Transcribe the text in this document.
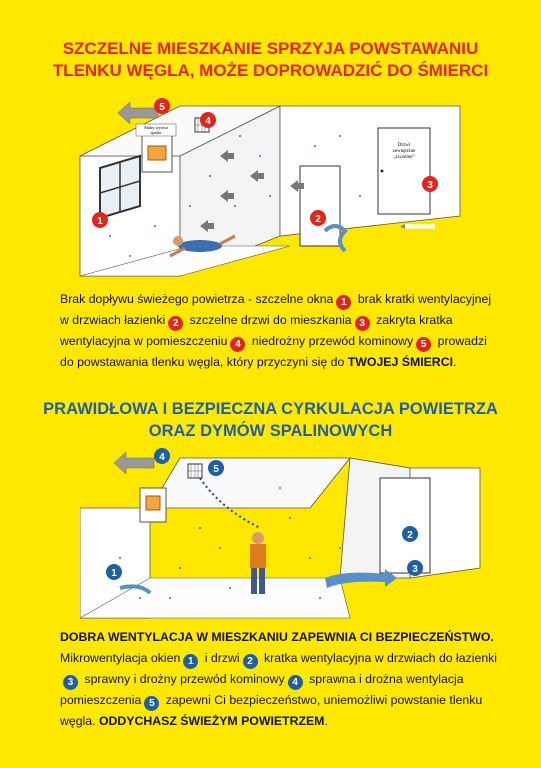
SZCZELNE MIESZKANIE SPRZYJA POWSTAWANIU
TLENKU WĘGLA, MOŻE DOPROWADZIĆ DO ŚMIERCI
Słaby wyrzut
spalin
Drzwi
zewnętrzne
„szczelne”
1	2
3
4
5
Brak dopływu świeżego powietrza - szczelne okna 1 brak kratki wentylacyjnej w drzwiach łazienki 2 szczelne drzwi do mieszkania 3 zakryta kratka wentylacyjna w pomieszczeniu 4 niedrożny przewód kominowy 5 prowadzi do powstawania tlenku węgla, który przyczyni się do TWOJEJ ŚMIERCI.
PRAWIDŁOWA I BEZPIECZNA CYRKULACJA POWIETRZA
ORAZ DYMÓW SPALINOWYCH
1
2
3
4
5
DOBRA WENTYLACJA W MIESZKANIU ZAPEWNIA CI BEZPIECZEŃSTWO.
Mikrowentylacja okien 1 i drzwi 2 kratka wentylacyjna w drzwiach do łazienki3 sprawny i drożny przewód kominowy 4 sprawna i drożna wentylacja pomieszczenia 5 zapewni Ci bezpieczeństwo, uniemożliwi powstanie tlenku węgla. ODDYCHASZ ŚWIEŻYM POWIETRZEM.
